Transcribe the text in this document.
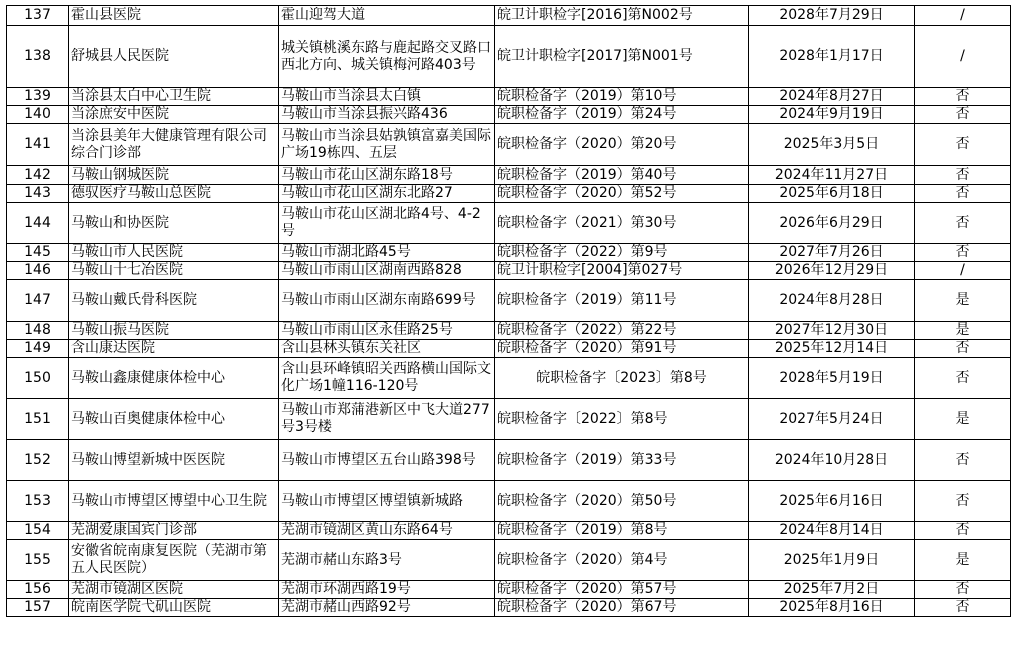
137	霍山县医院	霍山迎驾大道	皖卫计职检字[2016]第N002号	2028年7月29日	/
138	舒城县人民医院	城关镇桃溪东路与鹿起路交叉路口西北方向、城关镇梅河路403号	皖卫计职检字[2017]第N001号	2028年1月17日	/
139	当涂县太白中心卫生院	马鞍山市当涂县太白镇	皖职检备字（2019）第10号	2024年8月27日	否
140	当涂庶安中医院	马鞍山市当涂县振兴路436	皖职检备字（2019）第24号	2024年9月19日	否
141	当涂县美年大健康管理有限公司综合门诊部	马鞍山市当涂县姑孰镇富嘉美国际广场19栋四、五层	皖职检备字（2020）第20号	2025年3月5日	否
142	马鞍山钢城医院	马鞍山市花山区湖东路18号	皖职检备字（2019）第40号	2024年11月27日	否
143	德驭医疗马鞍山总医院	马鞍山市花山区湖东北路27	皖职检备字（2020）第52号	2025年6月18日	否
144	马鞍山和协医院	马鞍山市花山区湖北路4号、4-2号	皖职检备字（2021）第30号	2026年6月29日	否
145	马鞍山市人民医院	马鞍山市湖北路45号	皖职检备字（2022）第9号	2027年7月26日	否
146	马鞍山十七冶医院	马鞍山市雨山区湖南西路828	皖卫计职检字[2004]第027号	2026年12月29日	/
147	马鞍山戴氏骨科医院	马鞍山市雨山区湖东南路699号	皖职检备字（2019）第11号	2024年8月28日	是
148	马鞍山振马医院	马鞍山市雨山区永佳路25号	皖职检备字（2022）第22号	2027年12月30日	是
149	含山康达医院	含山县林头镇东关社区	皖职检备字（2020）第91号	2025年12月14日	否
150	马鞍山鑫康健康体检中心	含山县环峰镇昭关西路横山国际文化广场1幢116-120号	皖职检备字〔2023〕第8号	2028年5月19日	否
151	马鞍山百奥健康体检中心	马鞍山市郑蒲港新区中飞大道277号3号楼	皖职检备字〔2022〕第8号	2027年5月24日	是
152	马鞍山博望新城中医医院	马鞍山市博望区五台山路398号	皖职检备字（2019）第33号	2024年10月28日	否
153	马鞍山市博望区博望中心卫生院	马鞍山市博望区博望镇新城路	皖职检备字（2020）第50号	2025年6月16日	否
154	芜湖爱康国宾门诊部	芜湖市镜湖区黄山东路64号	皖职检备字（2019）第8号	2024年8月14日	否
155	安徽省皖南康复医院（芜湖市第五人民医院）	芜湖市赭山东路3号	皖职检备字（2020）第4号	2025年1月9日	是
156	芜湖市镜湖区医院	芜湖市环湖西路19号	皖职检备字（2020）第57号	2025年7月2日	否
157	皖南医学院弋矶山医院	芜湖市赭山西路92号	皖职检备字（2020）第67号	2025年8月16日	否
